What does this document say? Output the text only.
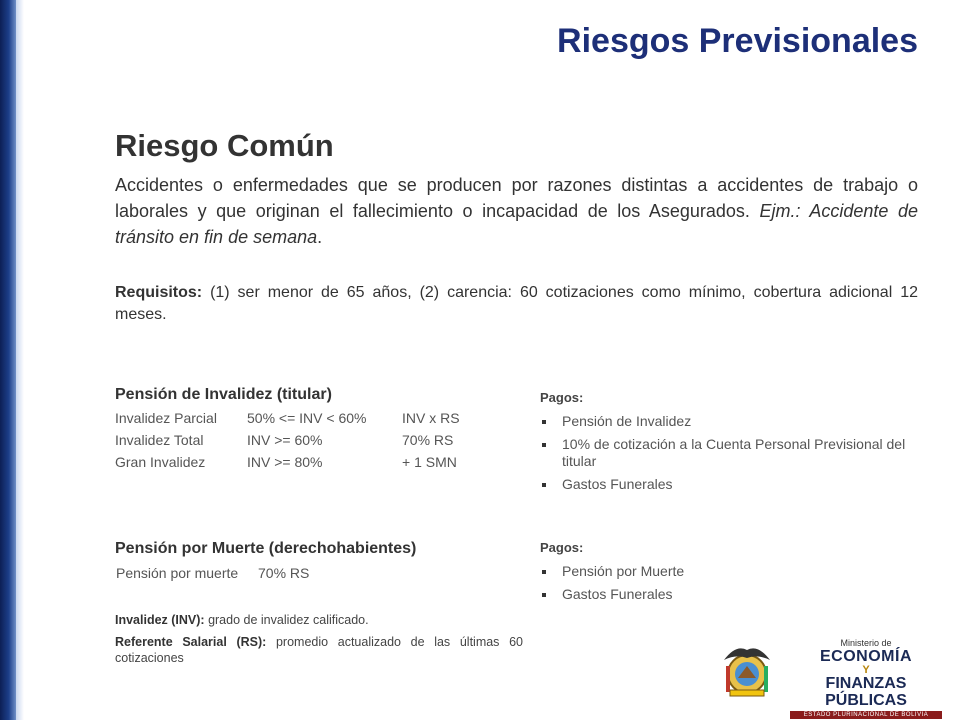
Riesgos Previsionales
Riesgo Común

Accidentes o enfermedades que se producen por razones distintas a accidentes de trabajo o laborales y que originan el fallecimiento o incapacidad de los Asegurados. Ejm.: Accidente de tránsito en fin de semana.

Requisitos: (1) ser menor de 65 años, (2) carencia: 60 cotizaciones como mínimo, cobertura adicional 12 meses.

Pensión de Invalidez (titular)
Invalidez Parcial	50% <= INV < 60%	INV x RS
Invalidez Total	INV >= 60%	70% RS
Gran Invalidez	INV >= 80%	+ 1 SMN
Pensión por Muerte (derechohabientes)
Pensión por muerte	70% RS

Invalidez (INV): grado de invalidez calificado.

Referente Salarial (RS): promedio actualizado de las últimas 60 cotizaciones

Pagos:
Pensión de Invalidez
10% de cotización a la Cuenta Personal Previsional del titular
Gastos Funerales
Pagos:
Pensión por Muerte
Gastos Funerales
Ministerio de
ECONOMÍA
Y
FINANZAS PÚBLICAS
ESTADO PLURINACIONAL DE BOLIVIA
